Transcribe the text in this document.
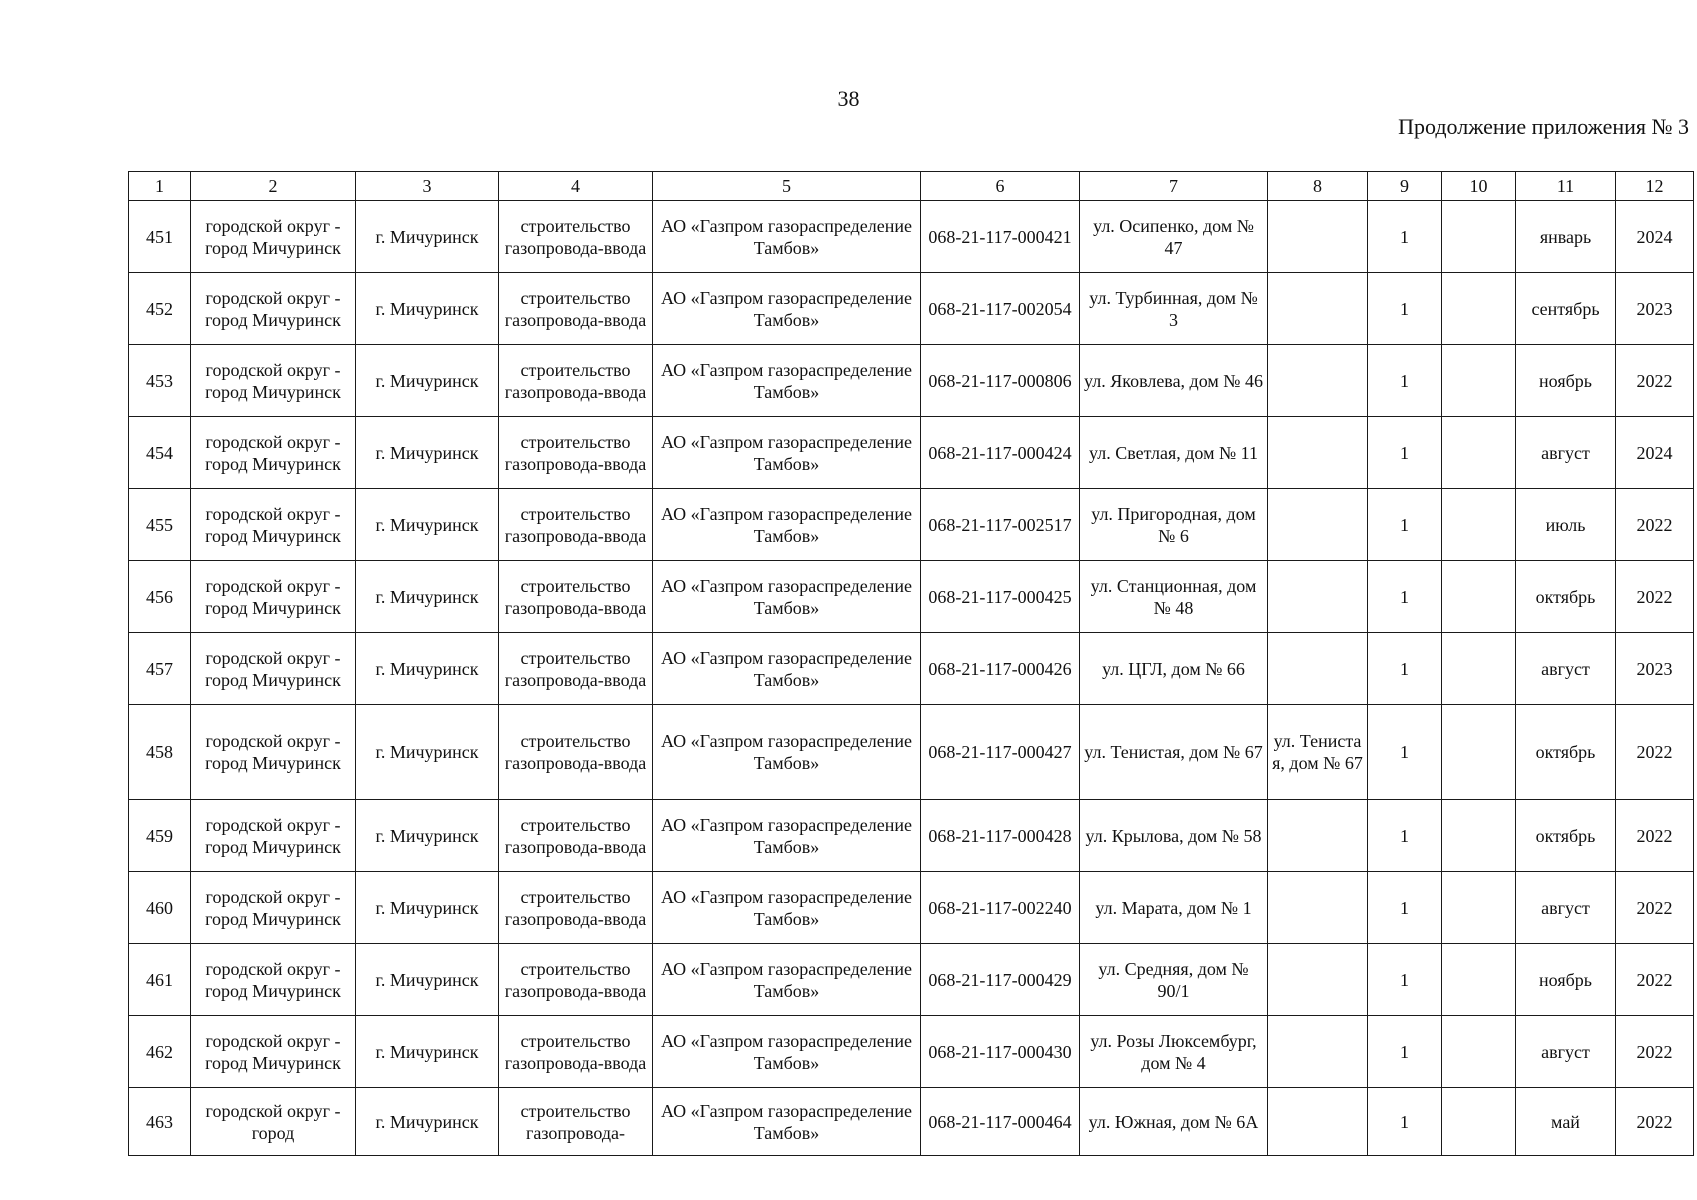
38
Продолжение приложения № 3
1	2	3	4	5	6	7	8	9	10	11	12
451	городской округ - город Мичуринск	г. Мичуринск	строительство газопровода-ввода	АО «Газпром газораспределение Тамбов»	068-21-117-000421	ул. Осипенко, дом № 47		1		январь	2024
452	городской округ - город Мичуринск	г. Мичуринск	строительство газопровода-ввода	АО «Газпром газораспределение Тамбов»	068-21-117-002054	ул. Турбинная, дом № 3		1		сентябрь	2023
453	городской округ - город Мичуринск	г. Мичуринск	строительство газопровода-ввода	АО «Газпром газораспределение Тамбов»	068-21-117-000806	ул. Яковлева, дом № 46		1		ноябрь	2022
454	городской округ - город Мичуринск	г. Мичуринск	строительство газопровода-ввода	АО «Газпром газораспределение Тамбов»	068-21-117-000424	ул. Светлая, дом № 11		1		август	2024
455	городской округ - город Мичуринск	г. Мичуринск	строительство газопровода-ввода	АО «Газпром газораспределение Тамбов»	068-21-117-002517	ул. Пригородная, дом № 6		1		июль	2022
456	городской округ - город Мичуринск	г. Мичуринск	строительство газопровода-ввода	АО «Газпром газораспределение Тамбов»	068-21-117-000425	ул. Станционная, дом № 48		1		октябрь	2022
457	городской округ - город Мичуринск	г. Мичуринск	строительство газопровода-ввода	АО «Газпром газораспределение Тамбов»	068-21-117-000426	ул. ЦГЛ, дом № 66		1		август	2023
458	городской округ - город Мичуринск	г. Мичуринск	строительство газопровода-ввода	АО «Газпром газораспределение Тамбов»	068-21-117-000427	ул. Тенистая, дом № 67	ул. Тениста я, дом № 67	1		октябрь	2022
459	городской округ - город Мичуринск	г. Мичуринск	строительство газопровода-ввода	АО «Газпром газораспределение Тамбов»	068-21-117-000428	ул. Крылова, дом № 58		1		октябрь	2022
460	городской округ - город Мичуринск	г. Мичуринск	строительство газопровода-ввода	АО «Газпром газораспределение Тамбов»	068-21-117-002240	ул. Марата, дом № 1		1		август	2022
461	городской округ - город Мичуринск	г. Мичуринск	строительство газопровода-ввода	АО «Газпром газораспределение Тамбов»	068-21-117-000429	ул. Средняя, дом № 90/1		1		ноябрь	2022
462	городской округ - город Мичуринск	г. Мичуринск	строительство газопровода-ввода	АО «Газпром газораспределение Тамбов»	068-21-117-000430	ул. Розы Люксембург, дом № 4		1		август	2022
463	городской округ - город	г. Мичуринск	строительство газопровода-	АО «Газпром газораспределение Тамбов»	068-21-117-000464	ул. Южная, дом № 6А		1		май	2022
